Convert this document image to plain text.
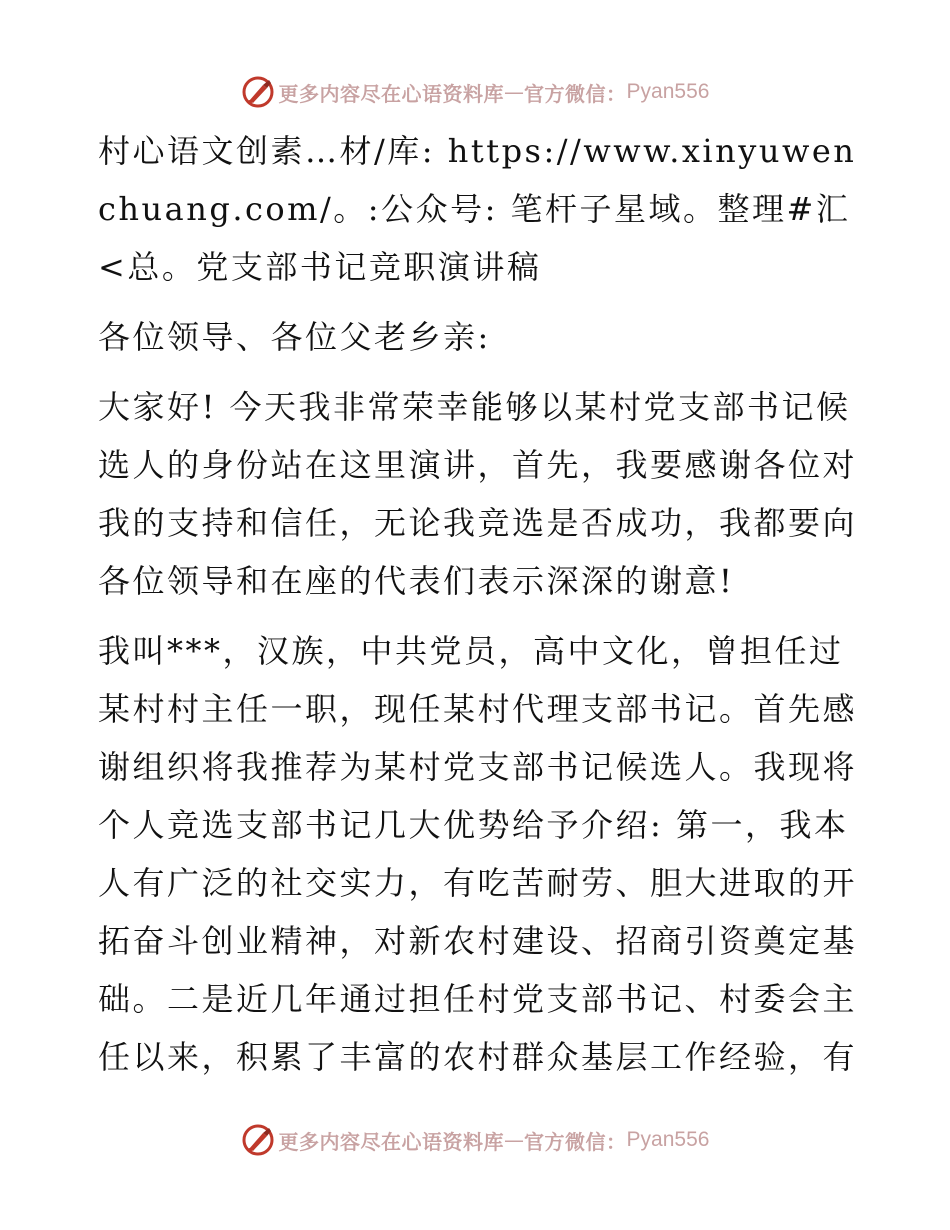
更多内容尽在心语资料库 — 官方微信： Pyan556

村心语文创素…材/库: https://www.xinyuwenchuang.com/。:公众号: 笔杆子星域。整理#汇<总。党支部书记竞职演讲稿

各位领导、各位父老乡亲:

大家好! 今天我非常荣幸能够以某村党支部书记候选人的身份站在这里演讲，首先，我要感谢各位对我的支持和信任，无论我竞选是否成功，我都要向各位领导和在座的代表们表示深深的谢意!

我叫***，汉族，中共党员，高中文化，曾担任过某村村主任一职，现任某村代理支部书记。首先感谢组织将我推荐为某村党支部书记候选人。我现将个人竞选支部书记几大优势给予介绍: 第一，我本人有广泛的社交实力，有吃苦耐劳、胆大进取的开拓奋斗创业精神，对新农村建设、招商引资奠定基础。二是近几年通过担任村党支部书记、村委会主任以来，积累了丰富的农村群众基层工作经验，有

更多内容尽在心语资料库 — 官方微信： Pyan556
